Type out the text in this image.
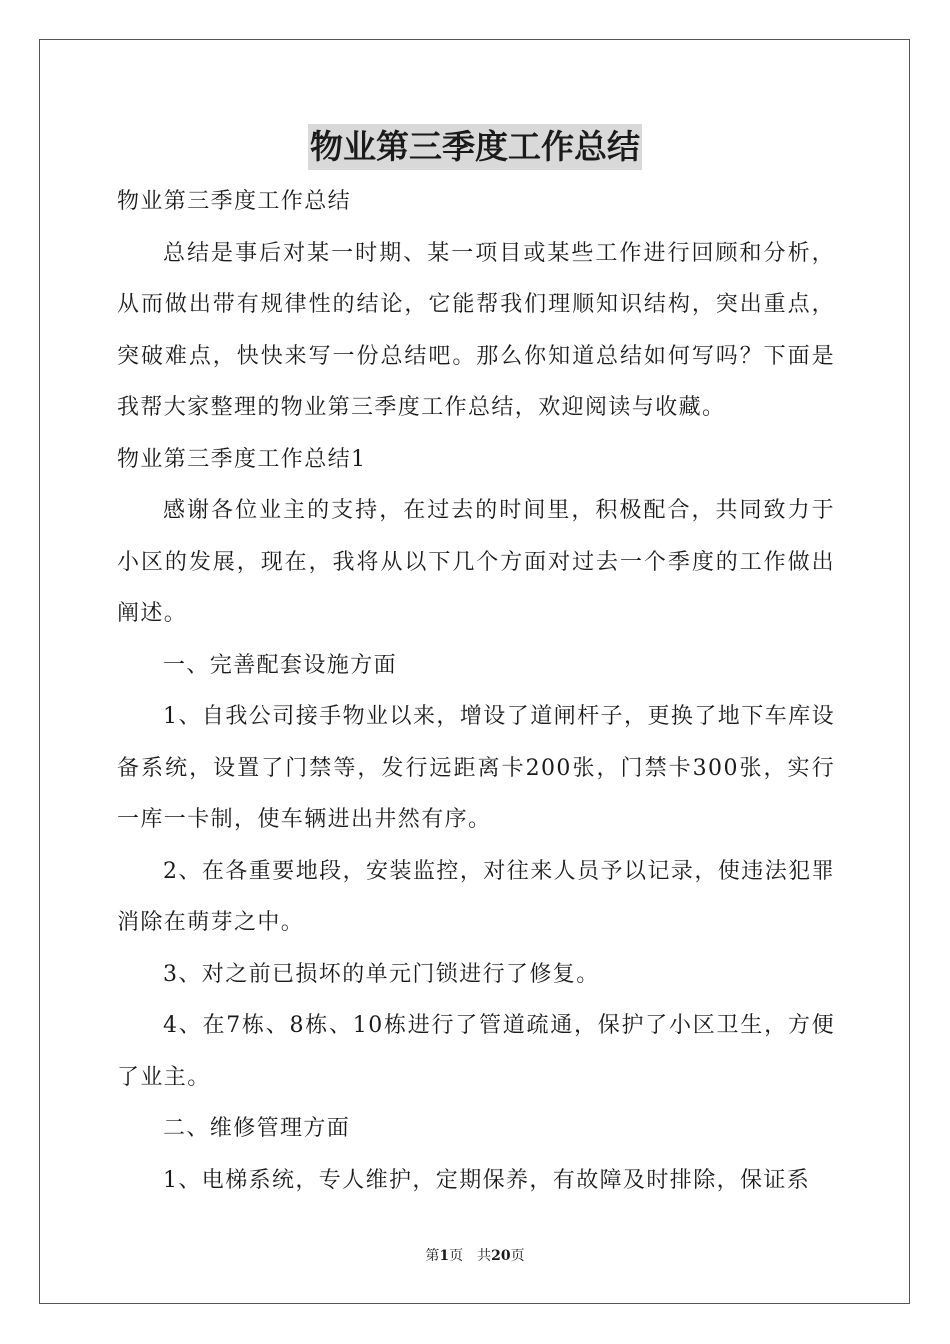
物业第三季度工作总结

物业第三季度工作总结

总结是事后对某一时期、某一项目或某些工作进行回顾和分析，从而做出带有规律性的结论，它能帮我们理顺知识结构，突出重点，突破难点，快快来写一份总结吧。那么你知道总结如何写吗？下面是我帮大家整理的物业第三季度工作总结，欢迎阅读与收藏。

物业第三季度工作总结1

感谢各位业主的支持，在过去的时间里，积极配合，共同致力于小区的发展，现在，我将从以下几个方面对过去一个季度的工作做出阐述。

一、完善配套设施方面

1、自我公司接手物业以来，增设了道闸杆子，更换了地下车库设备系统，设置了门禁等，发行远距离卡200张，门禁卡300张，实行一库一卡制，使车辆进出井然有序。

2、在各重要地段，安装监控，对往来人员予以记录，使违法犯罪消除在萌芽之中。

3、对之前已损坏的单元门锁进行了修复。

4、在7栋、8栋、10栋进行了管道疏通，保护了小区卫生，方便了业主。

二、维修管理方面

1、电梯系统，专人维护，定期保养，有故障及时排除，保证系

第1页 共20页
